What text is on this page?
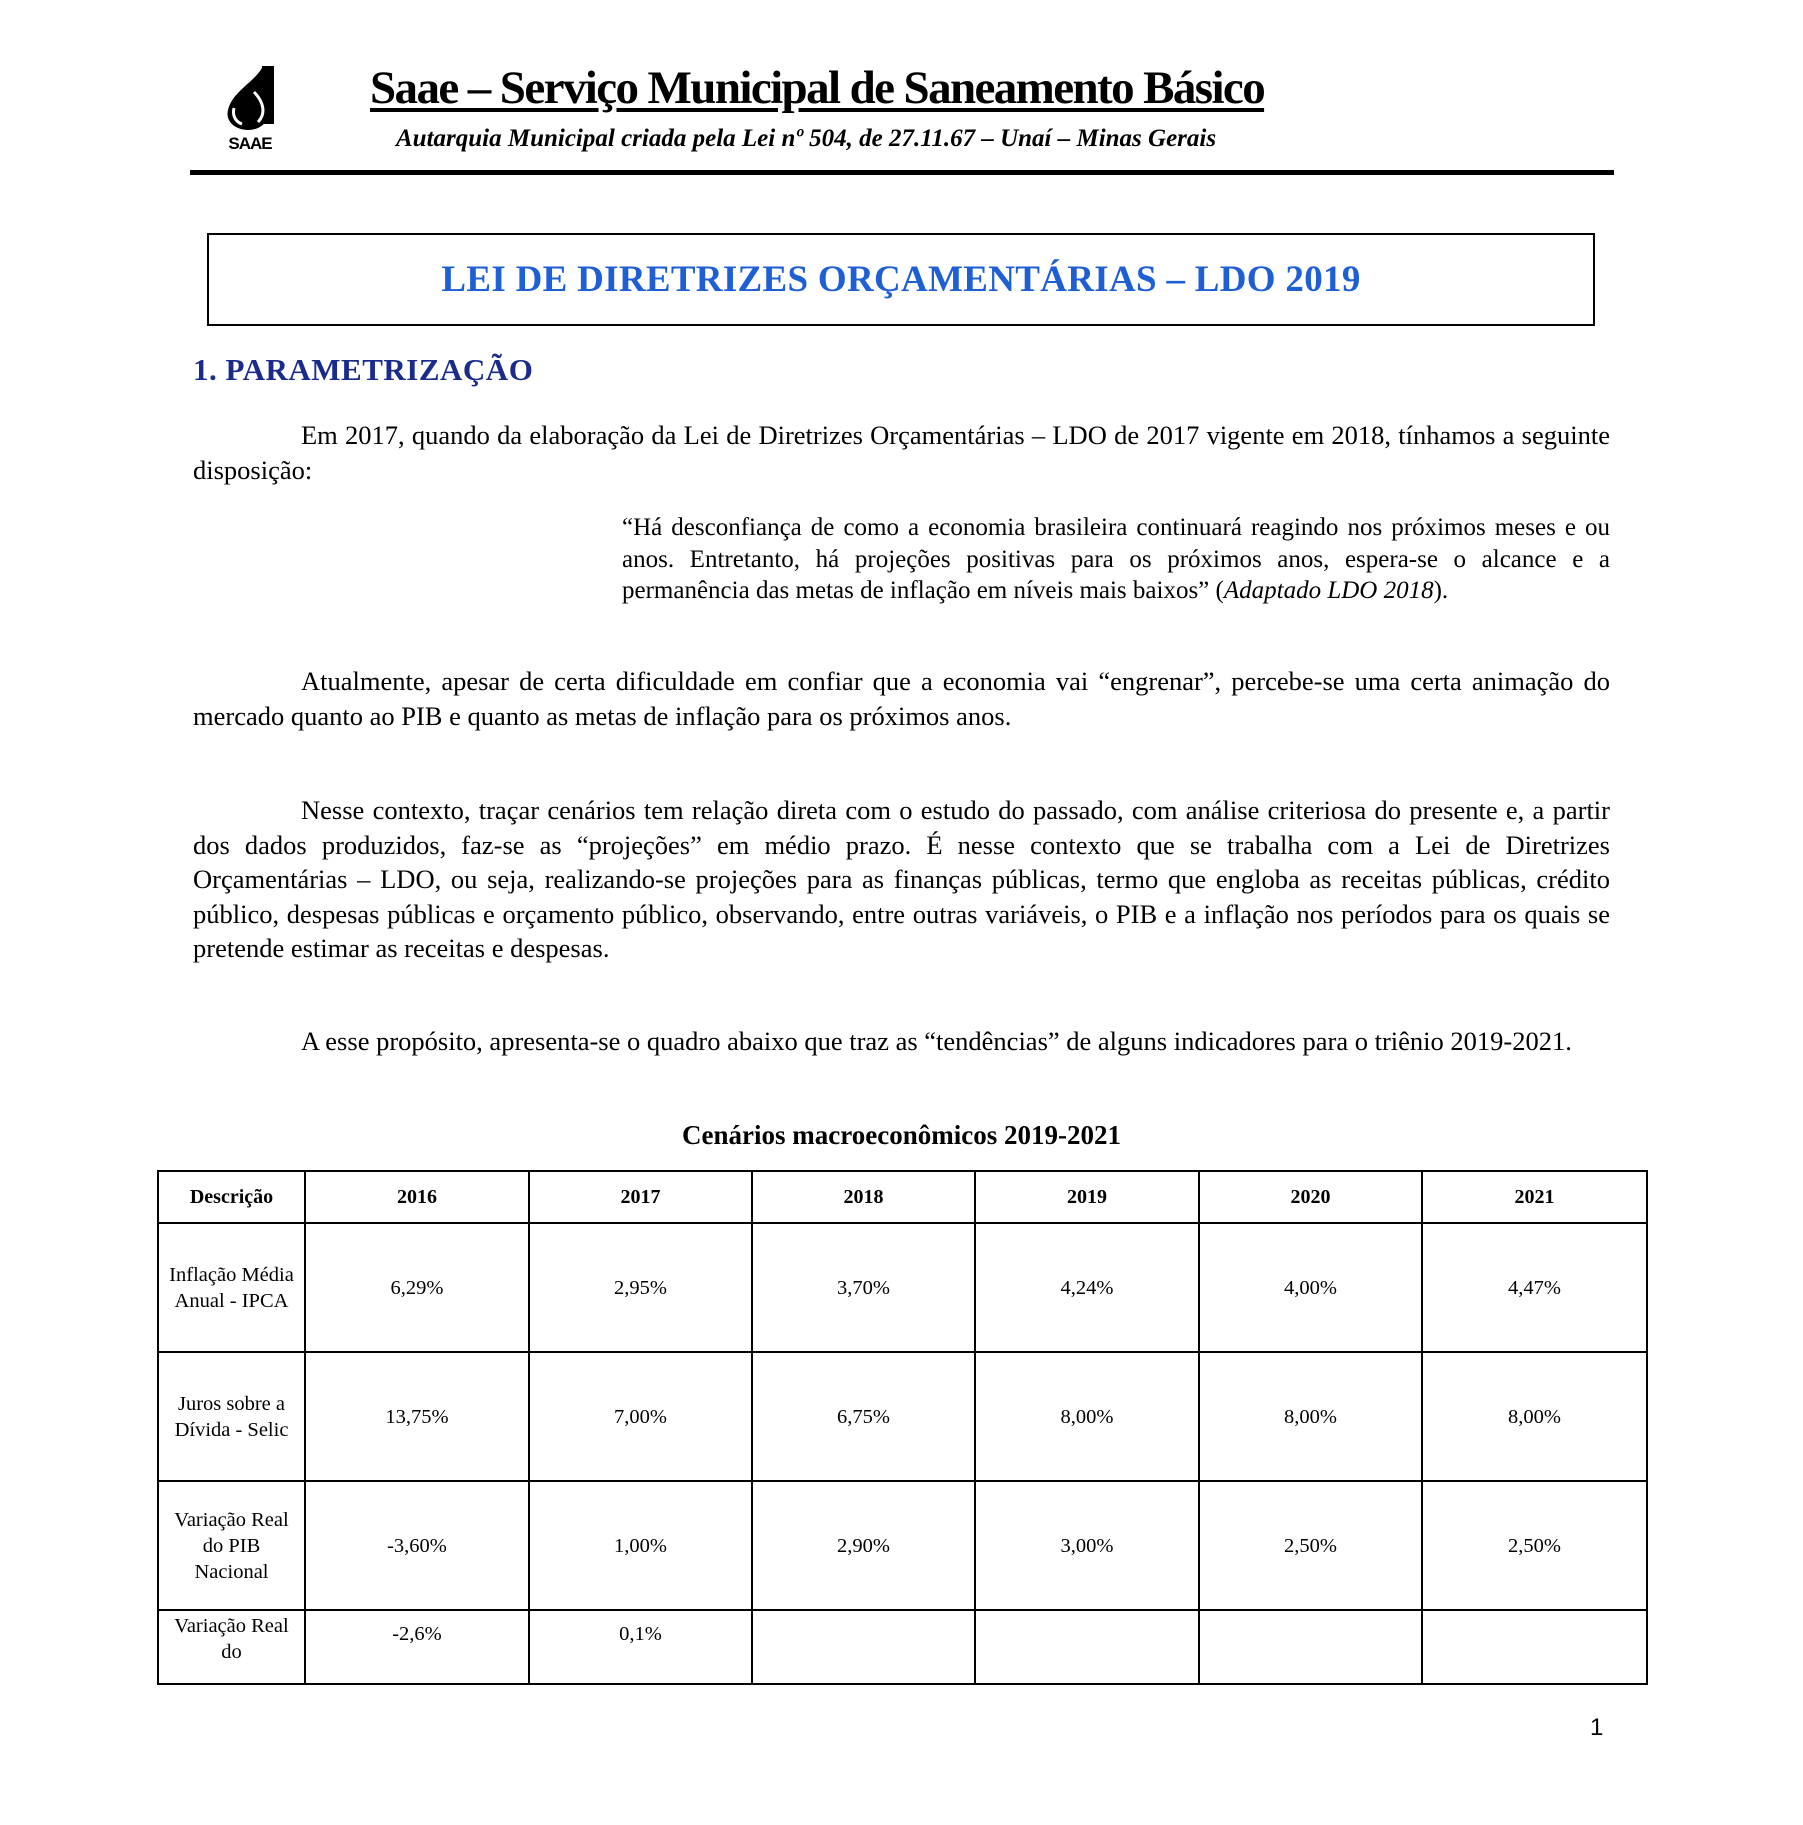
SAAE
Saae – Serviço Municipal de Saneamento Básico
Autarquia Municipal criada pela Lei nº 504, de 27.11.67 – Unaí – Minas Gerais
LEI DE DIRETRIZES ORÇAMENTÁRIAS – LDO 2019
1. PARAMETRIZAÇÃO

Em 2017, quando da elaboração da Lei de Diretrizes Orçamentárias – LDO de 2017 vigente em 2018, tínhamos a seguinte disposição:

“Há desconfiança de como a economia brasileira continuará reagindo nos próximos meses e ou anos. Entretanto, há projeções positivas para os próximos anos, espera-se o alcance e a permanência das metas de inflação em níveis mais baixos” (Adaptado LDO 2018).

Atualmente, apesar de certa dificuldade em confiar que a economia vai “engrenar”, percebe-se uma certa animação do mercado quanto ao PIB e quanto as metas de inflação para os próximos anos.

Nesse contexto, traçar cenários tem relação direta com o estudo do passado, com análise criteriosa do presente e, a partir dos dados produzidos, faz-se as “projeções” em médio prazo. É nesse contexto que se trabalha com a Lei de Diretrizes Orçamentárias – LDO, ou seja, realizando-se projeções para as finanças públicas, termo que engloba as receitas públicas, crédito público, despesas públicas e orçamento público, observando, entre outras variáveis, o PIB e a inflação nos períodos para os quais se pretende estimar as receitas e despesas.

A esse propósito, apresenta-se o quadro abaixo que traz as “tendências” de alguns indicadores para o triênio 2019-2021.

Cenários macroeconômicos 2019-2021
Descrição	2016	2017	2018	2019	2020	2021
Inflação Média Anual - IPCA	6,29%	2,95%	3,70%	4,24%	4,00%	4,47%
Juros sobre a Dívida - Selic	13,75%	7,00%	6,75%	8,00%	8,00%	8,00%
Variação Real do PIB Nacional	-3,60%	1,00%	2,90%	3,00%	2,50%	2,50%

Variação Real do	-2,6%	0,1%				

1
